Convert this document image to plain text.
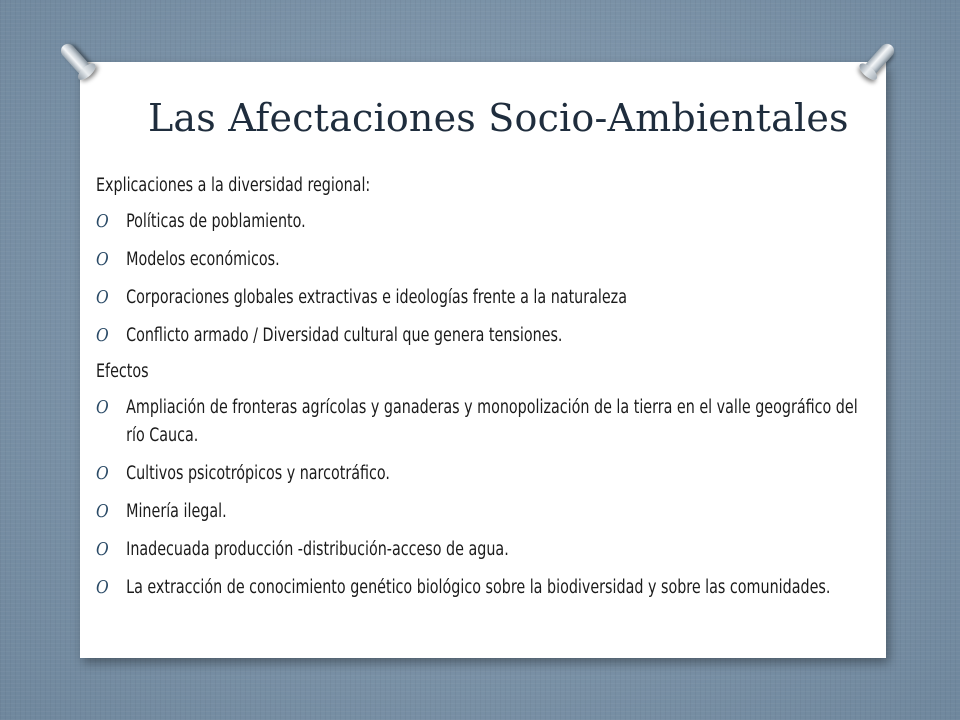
Las Afectaciones Socio-Ambientales

Explicaciones a la diversidad regional:

O Políticas de poblamiento.
O Modelos económicos.
O Corporaciones globales extractivas e ideologías frente a la naturaleza
O Conflicto armado / Diversidad cultural que genera tensiones.

Efectos

O Ampliación de fronteras agrícolas y ganaderas y monopolización de la tierra en el valle geográfico del río Cauca.
O Cultivos psicotrópicos y narcotráfico.
O Minería ilegal.
O Inadecuada producción -distribución-acceso de agua.
O La extracción de conocimiento genético biológico sobre la biodiversidad y sobre las comunidades.
